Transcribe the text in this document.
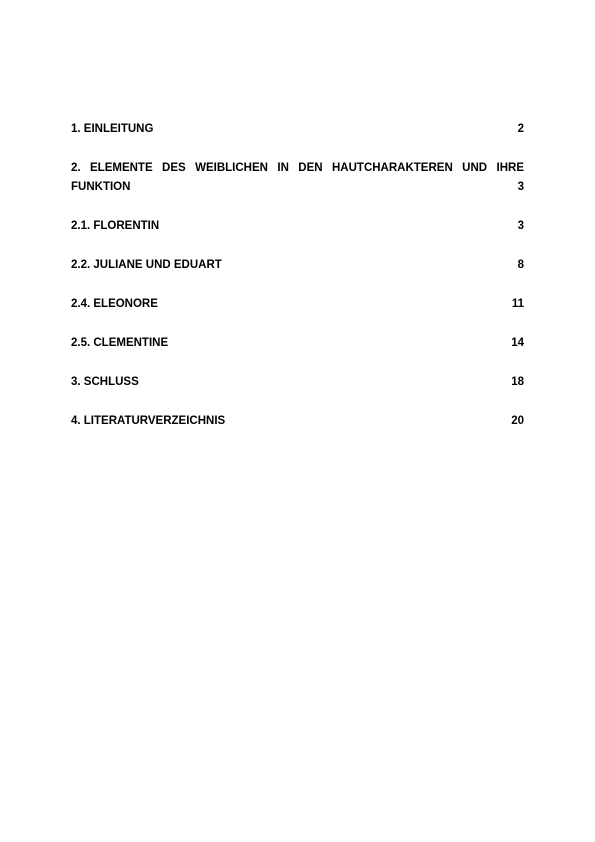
1. EINLEITUNG	2
2. ELEMENTE DES WEIBLICHEN IN DEN HAUTCHARAKTEREN UND IHRE
FUNKTION	3
2.1. FLORENTIN	3
2.2. JULIANE UND EDUART	8
2.4. ELEONORE	11
2.5. CLEMENTINE	14
3. SCHLUSS	18
4. LITERATURVERZEICHNIS	20
